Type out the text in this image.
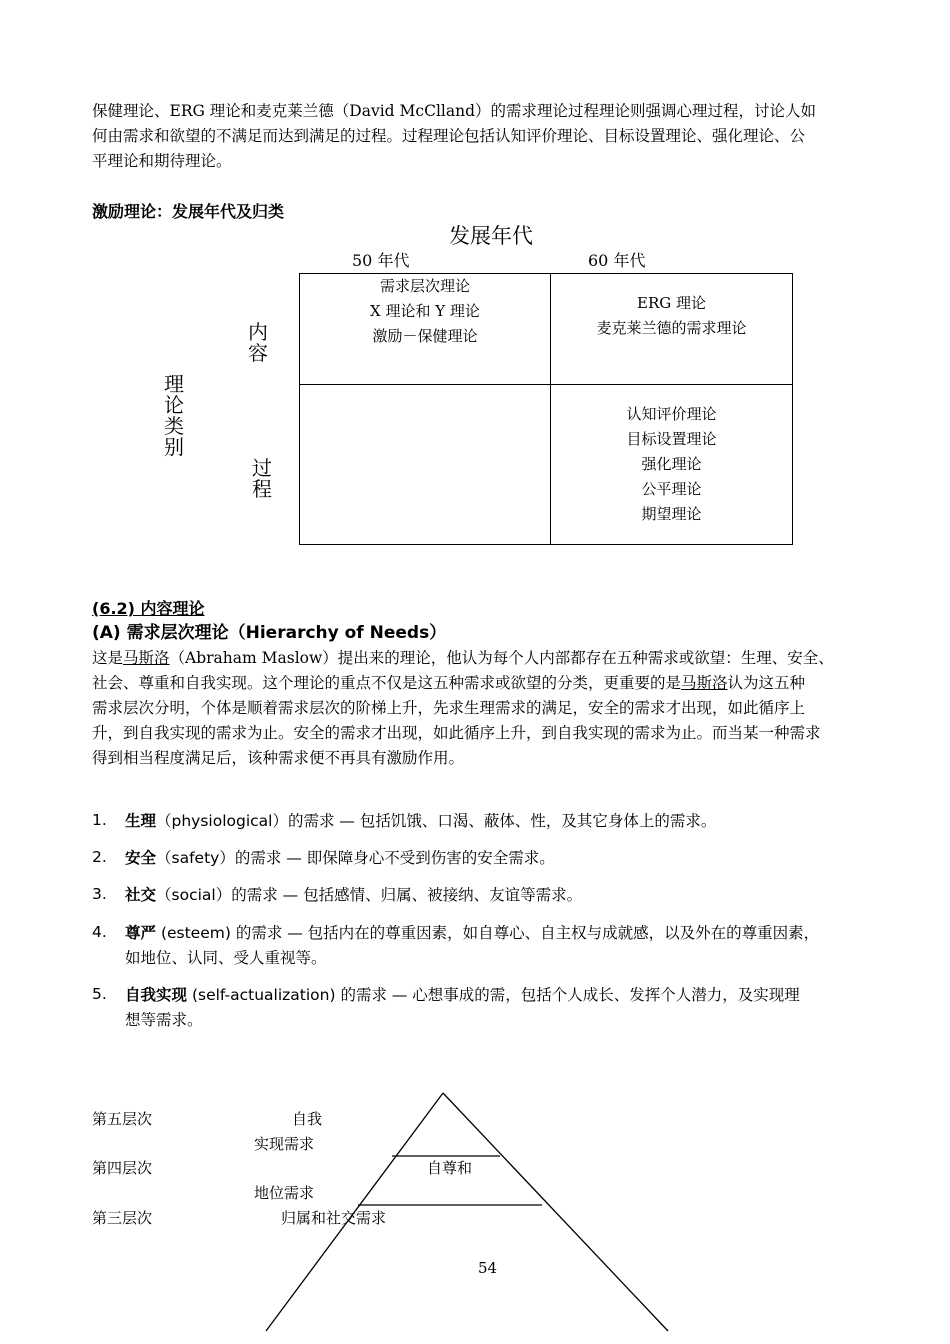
保健理论、ERG 理论和麦克莱兰德（David McClland）的需求理论过程理论则强调心理过程，讨论人如
何由需求和欲望的不满足而达到满足的过程。过程理论包括认知评价理论、目标设置理论、强化理论、公
平理论和期待理论。
激励理论：发展年代及归类
发展年代
50 年代	60 年代
理
论
类
别
内
容
过
程
需求层次理论
X 理论和 Y 理论
激励－保健理论
ERG 理论
麦克莱兰德的需求理论
认知评价理论
目标设置理论
强化理论
公平理论
期望理论
(6.2) 内容理论
(A) 需求层次理论（Hierarchy of Needs）
这是马斯洛（Abraham Maslow）提出来的理论，他认为每个人内部都存在五种需求或欲望：生理、安全、
社会、尊重和自我实现。这个理论的重点不仅是这五种需求或欲望的分类，更重要的是马斯洛认为这五种
需求层次分明，个体是顺着需求层次的阶梯上升，先求生理需求的满足，安全的需求才出现，如此循序上
升，到自我实现的需求为止。安全的需求才出现，如此循序上升，到自我实现的需求为止。而当某一种需求
得到相当程度满足后，该种需求便不再具有激励作用。
1. 生理（physiological）的需求 — 包括饥饿、口渴、蔽体、性，及其它身体上的需求。
2. 安全（safety）的需求 — 即保障身心不受到伤害的安全需求。
3. 社交（social）的需求 — 包括感情、归属、被接纳、友谊等需求。
4. 尊严 (esteem) 的需求 — 包括内在的尊重因素，如自尊心、自主权与成就感，以及外在的尊重因素，
如地位、认同、受人重视等。
5. 自我实现 (self-actualization) 的需求 — 心想事成的需，包括个人成长、发挥个人潜力，及实现理
想等需求。
第五层次
第四层次
第三层次
自我
实现需求
自尊和
地位需求
归属和社交需求
54
